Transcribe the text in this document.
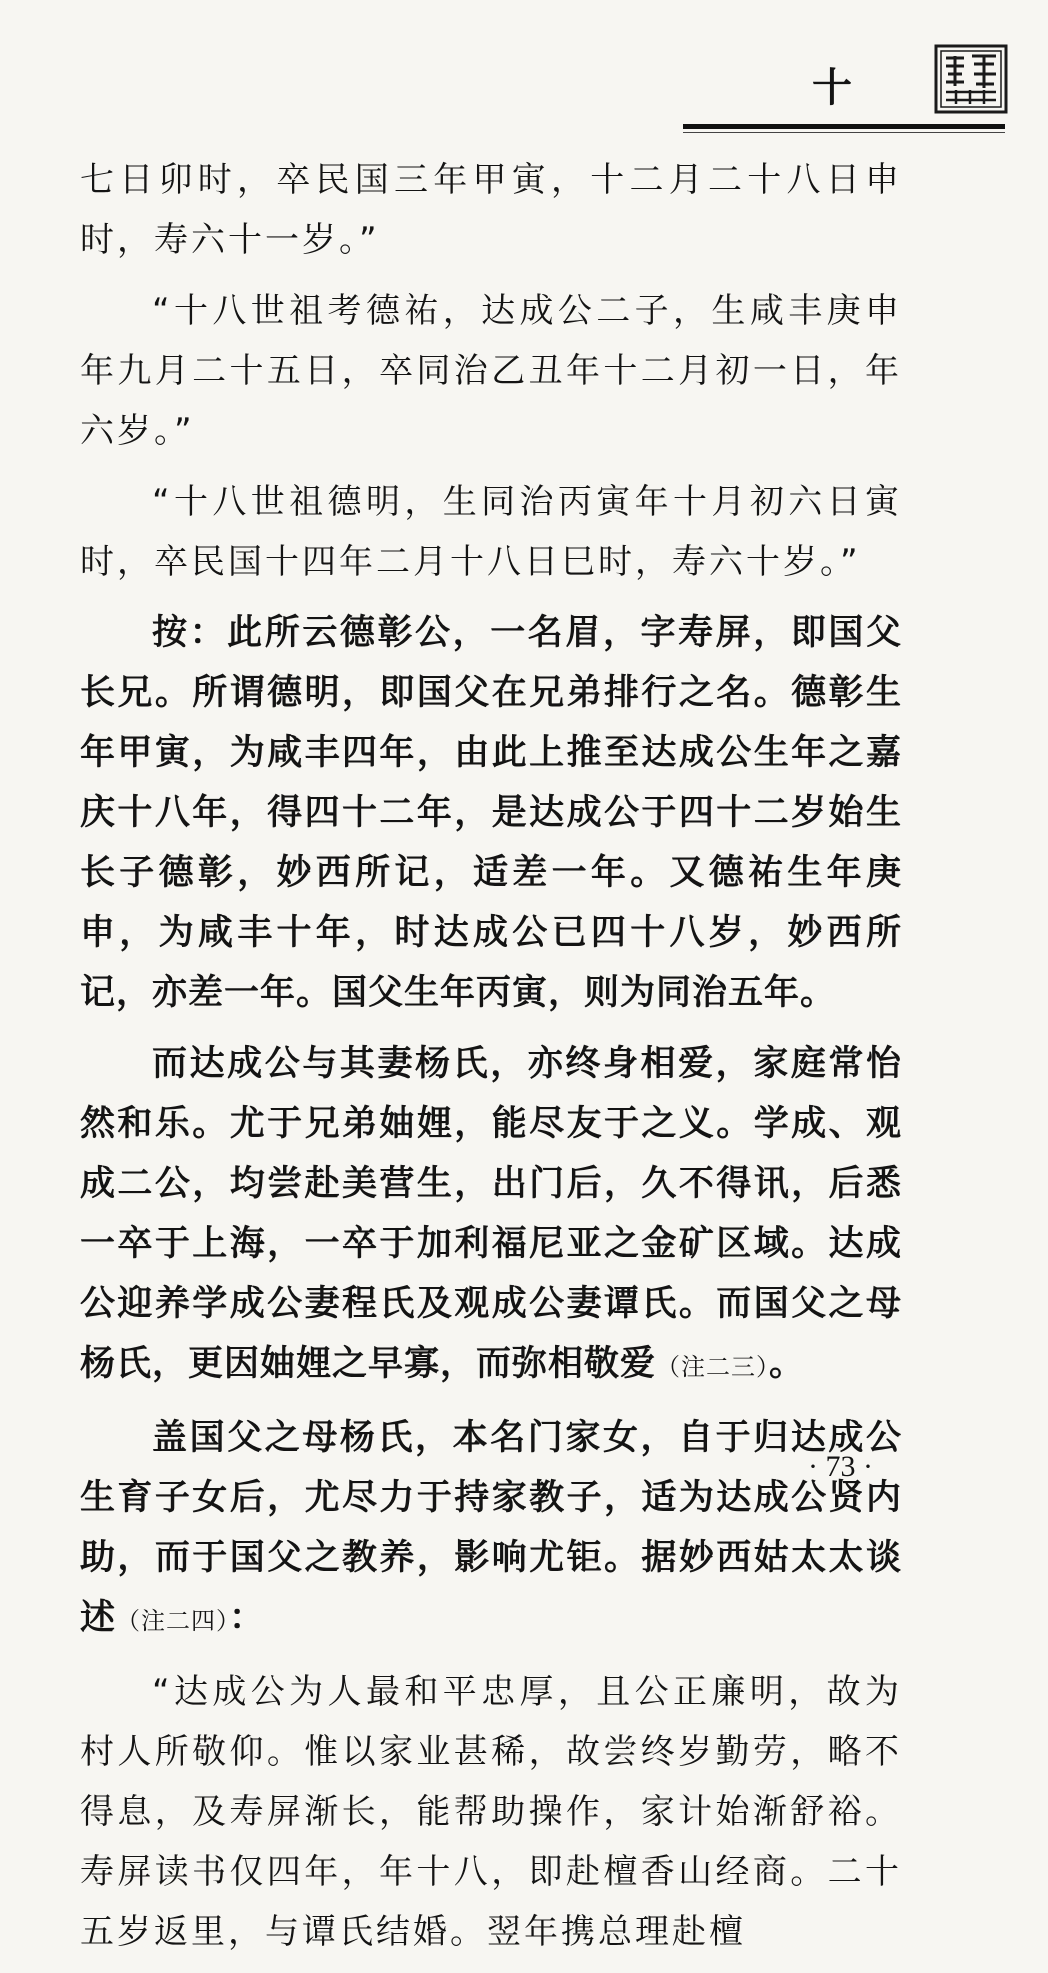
十

七日卯时，卒民国三年甲寅，十二月二十八日申时，寿六十一岁。”

“十八世祖考德祐，达成公二子，生咸丰庚申年九月二十五日，卒同治乙丑年十二月初一日，年六岁。”

“十八世祖德明，生同治丙寅年十月初六日寅时，卒民国十四年二月十八日巳时，寿六十岁。”

按：此所云德彰公，一名眉，字寿屏，即国父长兄。所谓德明，即国父在兄弟排行之名。德彰生年甲寅，为咸丰四年，由此上推至达成公生年之嘉庆十八年，得四十二年，是达成公于四十二岁始生长子德彰，妙西所记，适差一年。又德祐生年庚申，为咸丰十年，时达成公已四十八岁，妙西所记，亦差一年。国父生年丙寅，则为同治五年。

而达成公与其妻杨氏，亦终身相爱，家庭常怡然和乐。尤于兄弟妯娌，能尽友于之义。学成、观成二公，均尝赴美营生，出门后，久不得讯，后悉一卒于上海，一卒于加利福尼亚之金矿区域。达成公迎养学成公妻程氏及观成公妻谭氏。而国父之母杨氏，更因妯娌之早寡，而弥相敬爱（注二三）。

盖国父之母杨氏，本名门家女，自于归达成公生育子女后，尤尽力于持家教子，适为达成公贤内助，而于国父之教养，影响尤钜。据妙西姑太太谈述（注二四）：

“达成公为人最和平忠厚，且公正廉明，故为村人所敬仰。惟以家业甚稀，故尝终岁勤劳，略不得息，及寿屏渐长，能帮助操作，家计始渐舒裕。寿屏读书仅四年，年十八，即赴檀香山经商。二十五岁返里，与谭氏结婚。翌年携总理赴檀

· 73 ·
